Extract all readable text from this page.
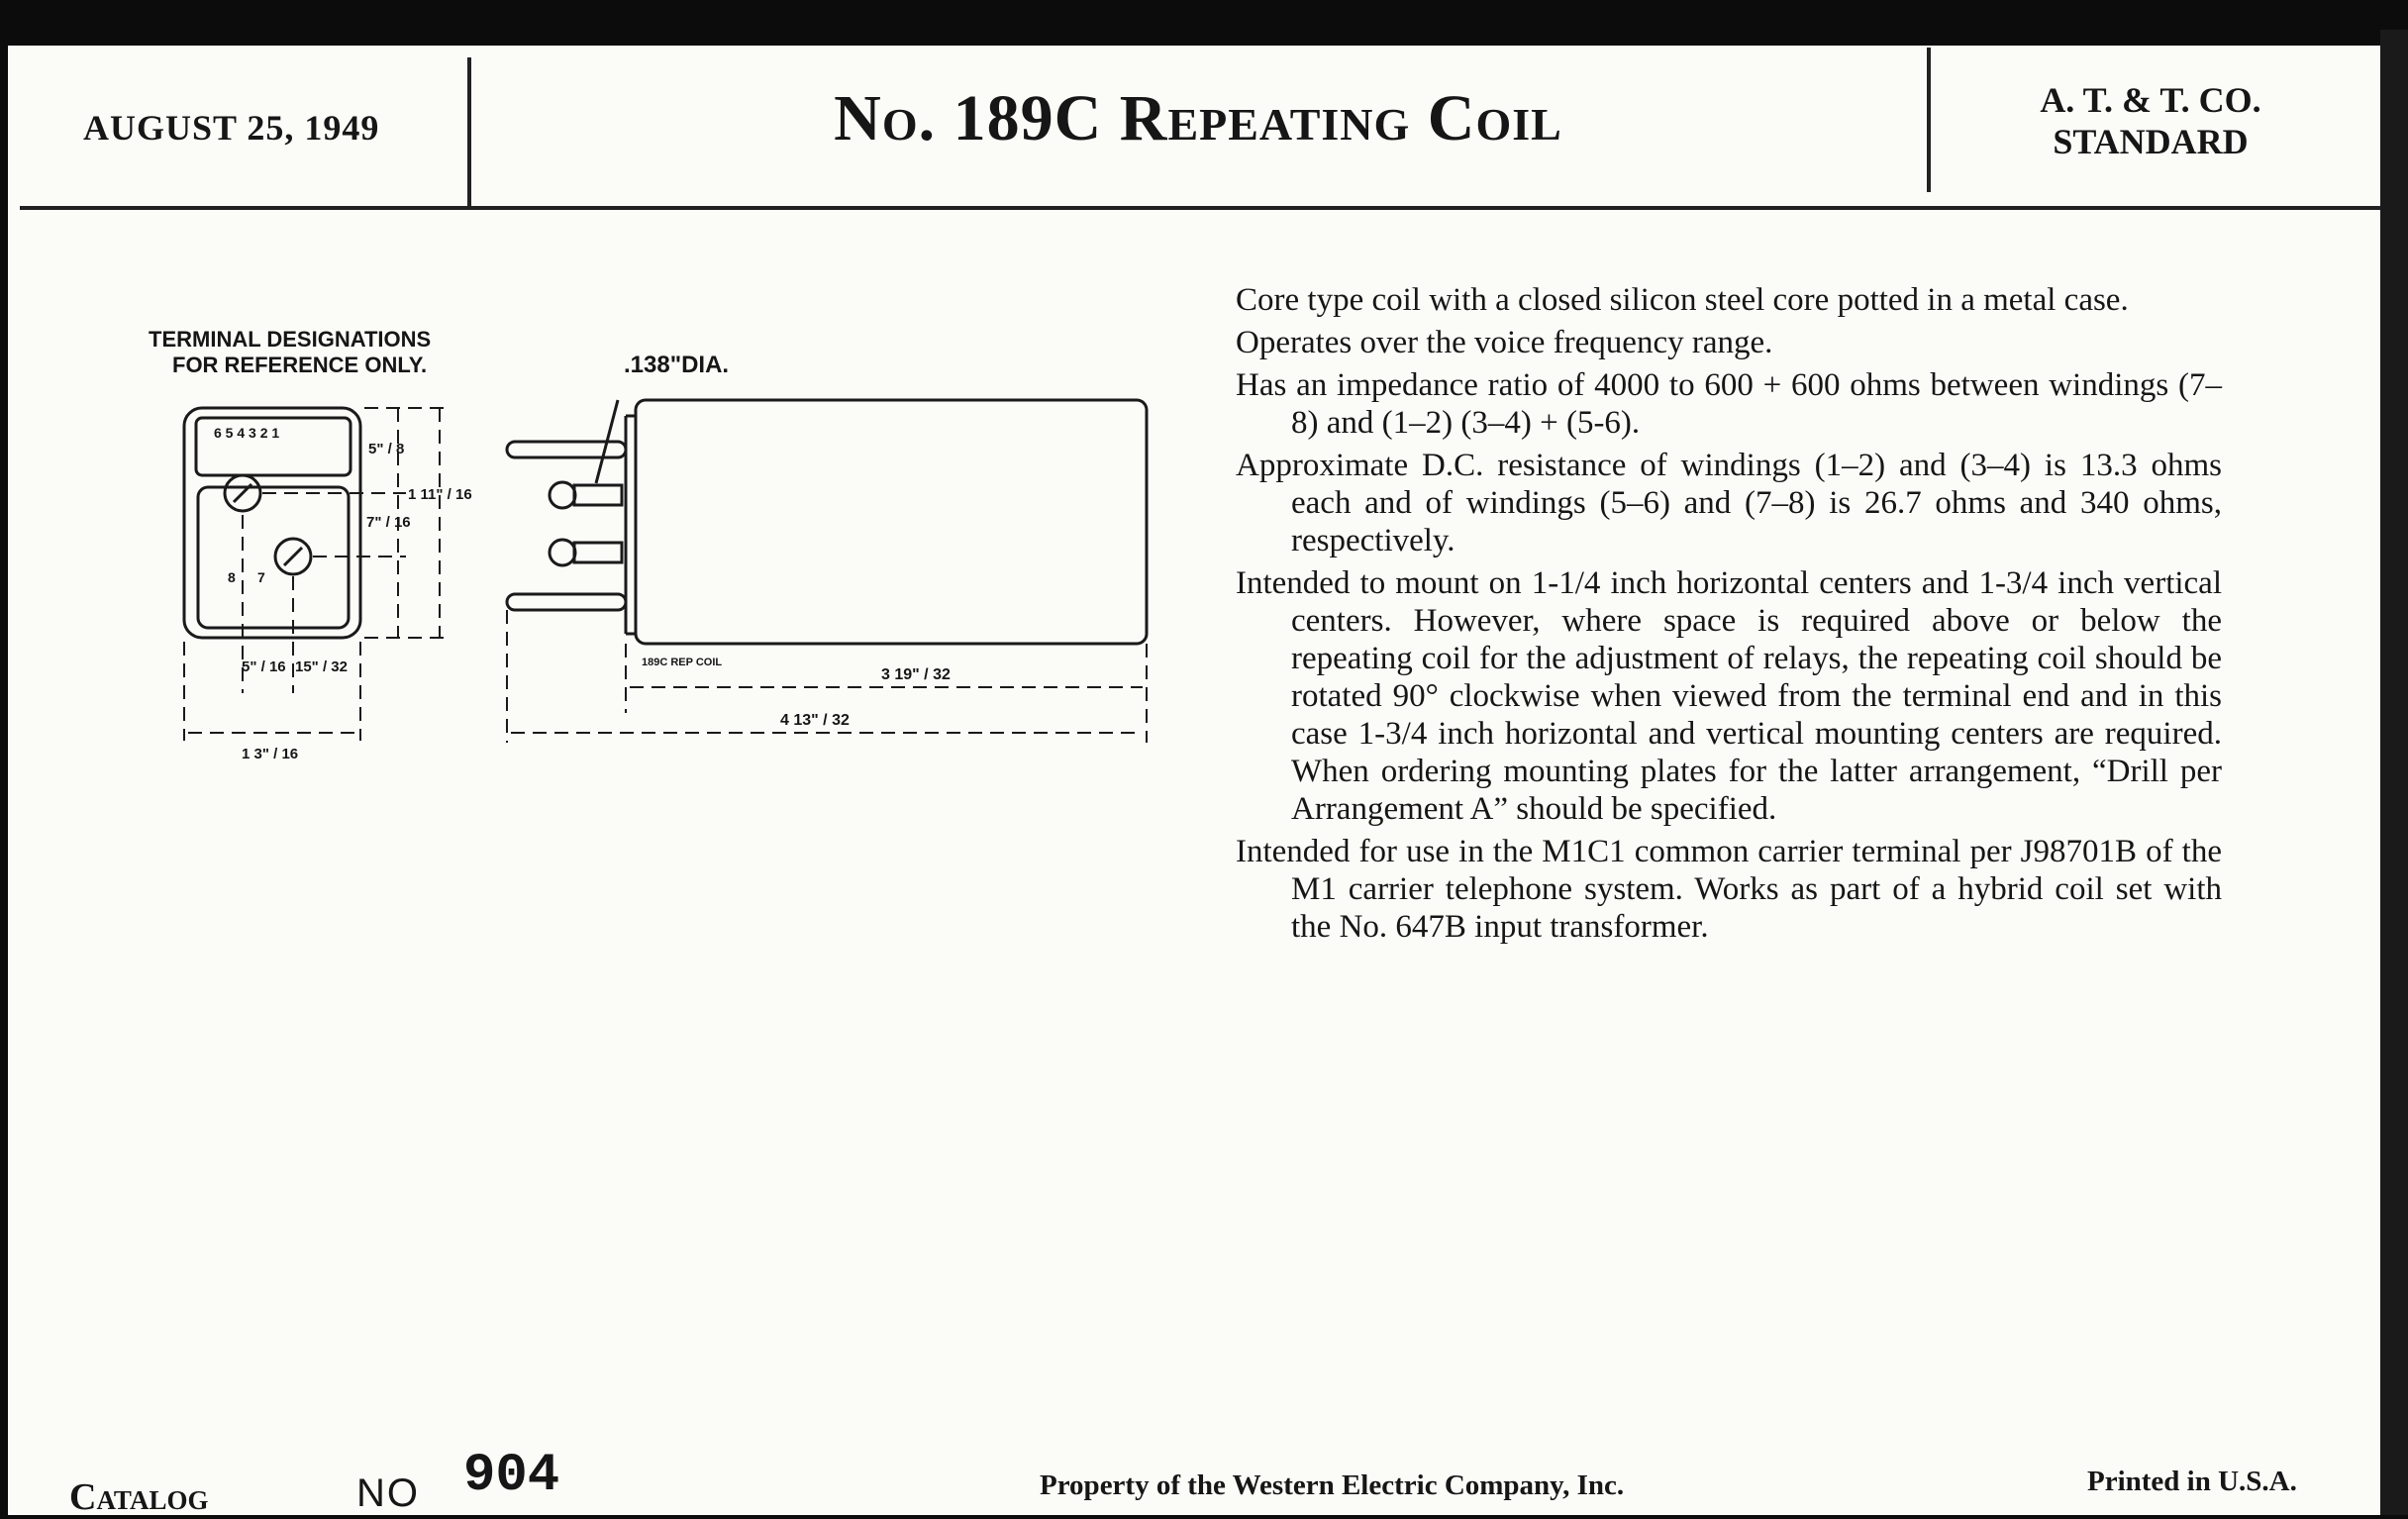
AUGUST 25, 1949	No. 189C Repeating Coil	A. T. & T. CO.
STANDARD
TERMINAL DESIGNATIONS
FOR REFERENCE ONLY.
6 5 4 3 2 1
8 7
.138"DIA.
189C REP COIL
5" / 8
7" / 16
1 11" / 16
5" / 16 15" / 32
1 3" / 16
3 19" / 32
4 13" / 32

Core type coil with a closed silicon steel core potted in a metal case.

Operates over the voice frequency range.

Has an impedance ratio of 4000 to 600 + 600 ohms between windings (7–8) and (1–2) (3–4) + (5-6).

Approximate D.C. resistance of windings (1–2) and (3–4) is 13.3 ohms each and of windings (5–6) and (7–8) is 26.7 ohms and 340 ohms, respectively.

Intended to mount on 1-1/4 inch horizontal centers and 1-3/4 inch vertical centers. However, where space is required above or below the repeating coil for the adjustment of relays, the repeating coil should be rotated 90° clockwise when viewed from the terminal end and in this case 1-3/4 inch horizontal and vertical mounting centers are required. When ordering mounting plates for the latter arrangement, “Drill per Arrangement A” should be specified.

Intended for use in the M1C1 common carrier terminal per J98701B of the M1 carrier telephone system. Works as part of a hybrid coil set with the No. 647B input transformer.

Catalog	NO 904	Property of the Western Electric Company, Inc.	Printed in U.S.A.
